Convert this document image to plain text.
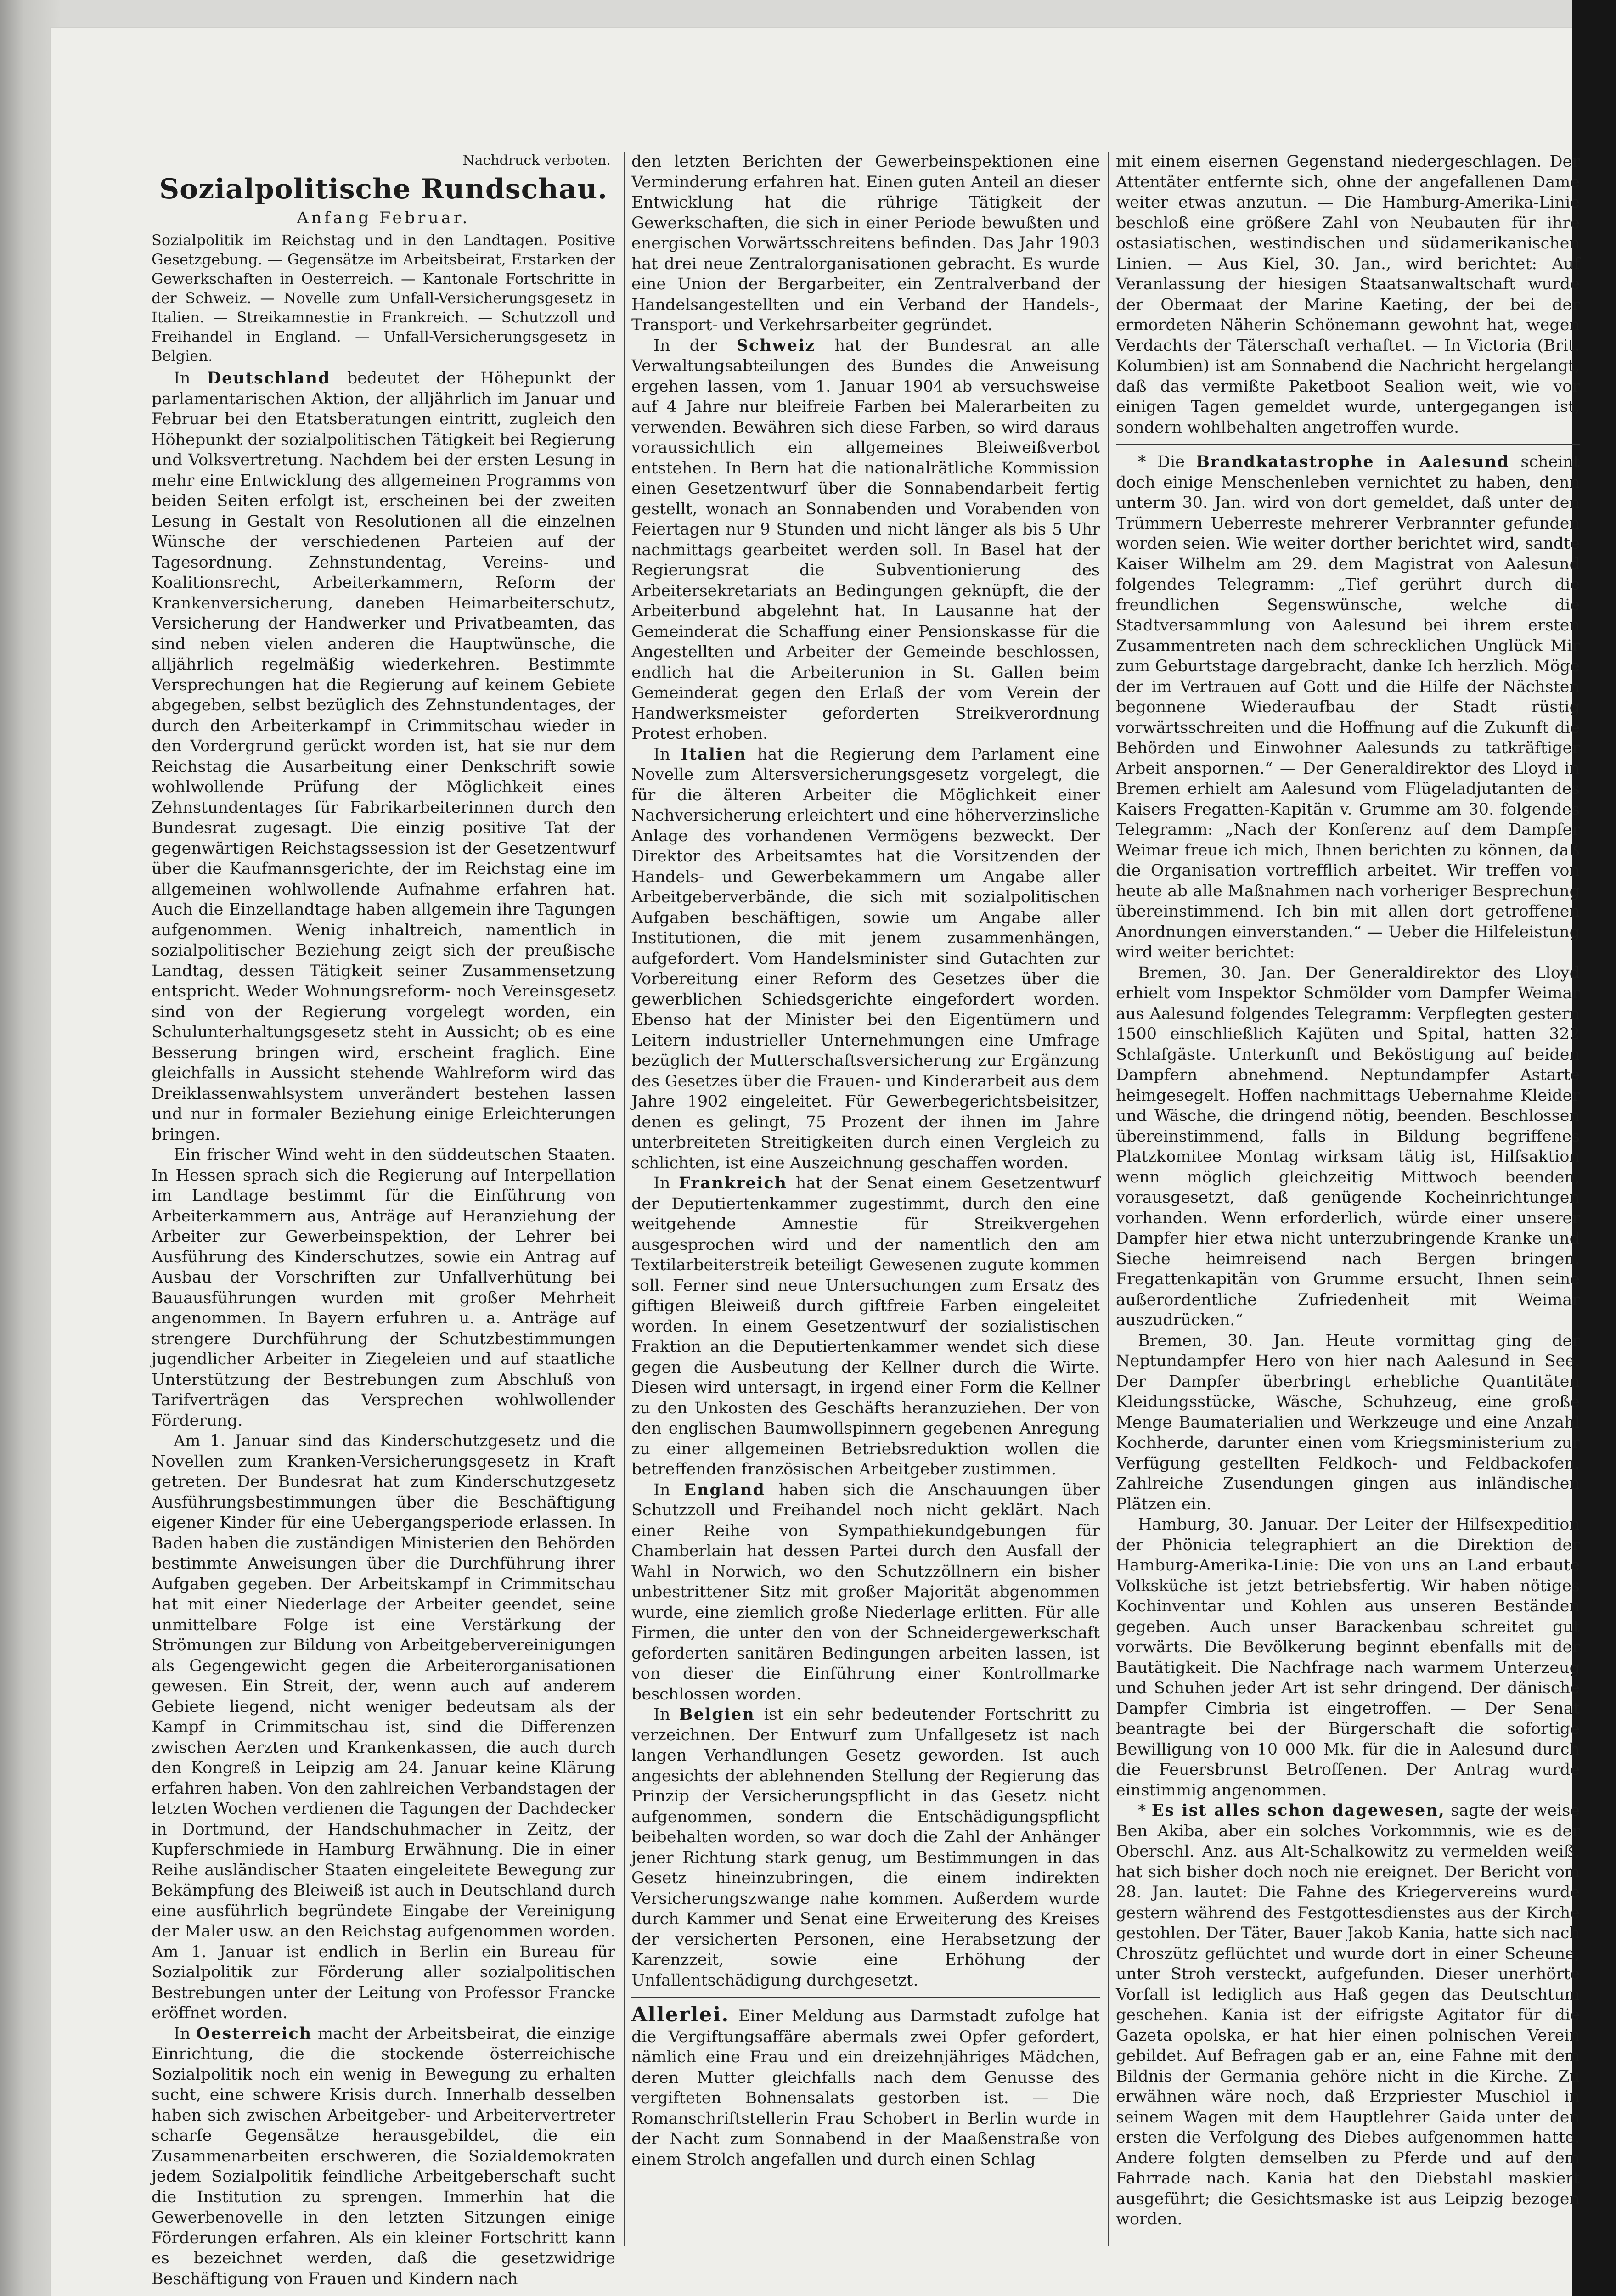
Nachdruck verboten.
Sozialpolitische Rundschau.
Anfang Februar.
Sozialpolitik im Reichstag und in den Landtagen. Positive Gesetzgebung. — Gegensätze im Arbeitsbeirat, Erstarken der Gewerkschaften in Oesterreich. — Kantonale Fortschritte in der Schweiz. — Novelle zum Unfall-Versicherungsgesetz in Italien. — Streikamnestie in Frankreich. — Schutzzoll und Freihandel in England. — Unfall-Versicherungsgesetz in Belgien.

In Deutschland bedeutet der Höhepunkt der parlamentarischen Aktion, der alljährlich im Januar und Februar bei den Etatsberatungen eintritt, zugleich den Höhepunkt der sozialpolitischen Tätigkeit bei Regierung und Volksvertretung. Nachdem bei der ersten Lesung in mehr eine Entwicklung des allgemeinen Programms von beiden Seiten erfolgt ist, erscheinen bei der zweiten Lesung in Gestalt von Resolutionen all die einzelnen Wünsche der verschiedenen Parteien auf der Tagesordnung. Zehnstundentag, Vereins- und Koalitionsrecht, Arbeiterkammern, Reform der Krankenversicherung, daneben Heimarbeiterschutz, Versicherung der Handwerker und Privatbeamten, das sind neben vielen anderen die Hauptwünsche, die alljährlich regelmäßig wiederkehren. Bestimmte Versprechungen hat die Regierung auf keinem Gebiete abgegeben, selbst bezüglich des Zehnstundentages, der durch den Arbeiterkampf in Crimmitschau wieder in den Vordergrund gerückt worden ist, hat sie nur dem Reichstag die Ausarbeitung einer Denkschrift sowie wohlwollende Prüfung der Möglichkeit eines Zehnstundentages für Fabrikarbeiterinnen durch den Bundesrat zugesagt. Die einzig positive Tat der gegenwärtigen Reichstagssession ist der Gesetzentwurf über die Kaufmannsgerichte, der im Reichstag eine im allgemeinen wohlwollende Aufnahme erfahren hat. Auch die Einzellandtage haben allgemein ihre Tagungen aufgenommen. Wenig inhaltreich, namentlich in sozialpolitischer Beziehung zeigt sich der preußische Landtag, dessen Tätigkeit seiner Zusammensetzung entspricht. Weder Wohnungsreform- noch Vereinsgesetz sind von der Regierung vorgelegt worden, ein Schulunterhaltungsgesetz steht in Aussicht; ob es eine Besserung bringen wird, erscheint fraglich. Eine gleichfalls in Aussicht stehende Wahlreform wird das Dreiklassenwahlsystem unverändert bestehen lassen und nur in formaler Beziehung einige Erleichterungen bringen.

Ein frischer Wind weht in den süddeutschen Staaten. In Hessen sprach sich die Regierung auf Interpellation im Landtage bestimmt für die Einführung von Arbeiterkammern aus, Anträge auf Heranziehung der Arbeiter zur Gewerbeinspektion, der Lehrer bei Ausführung des Kinderschutzes, sowie ein Antrag auf Ausbau der Vorschriften zur Unfallverhütung bei Bauausführungen wurden mit großer Mehrheit angenommen. In Bayern erfuhren u. a. Anträge auf strengere Durchführung der Schutzbestimmungen jugendlicher Arbeiter in Ziegeleien und auf staatliche Unterstützung der Bestrebungen zum Abschluß von Tarifverträgen das Versprechen wohlwollender Förderung.

Am 1. Januar sind das Kinderschutzgesetz und die Novellen zum Kranken-Versicherungsgesetz in Kraft getreten. Der Bundesrat hat zum Kinderschutzgesetz Ausführungsbestimmungen über die Beschäftigung eigener Kinder für eine Uebergangsperiode erlassen. In Baden haben die zuständigen Ministerien den Behörden bestimmte Anweisungen über die Durchführung ihrer Aufgaben gegeben. Der Arbeitskampf in Crimmitschau hat mit einer Niederlage der Arbeiter geendet, seine unmittelbare Folge ist eine Verstärkung der Strömungen zur Bildung von Arbeitgebervereinigungen als Gegengewicht gegen die Arbeiterorganisationen gewesen. Ein Streit, der, wenn auch auf anderem Gebiete liegend, nicht weniger bedeutsam als der Kampf in Crimmitschau ist, sind die Differenzen zwischen Aerzten und Krankenkassen, die auch durch den Kongreß in Leipzig am 24. Januar keine Klärung erfahren haben. Von den zahlreichen Verbandstagen der letzten Wochen verdienen die Tagungen der Dachdecker in Dortmund, der Handschuhmacher in Zeitz, der Kupferschmiede in Hamburg Erwähnung. Die in einer Reihe ausländischer Staaten eingeleitete Bewegung zur Bekämpfung des Bleiweiß ist auch in Deutschland durch eine ausführlich begründete Eingabe der Vereinigung der Maler usw. an den Reichstag aufgenommen worden. Am 1. Januar ist endlich in Berlin ein Bureau für Sozialpolitik zur Förderung aller sozialpolitischen Bestrebungen unter der Leitung von Professor Francke eröffnet worden.

In Oesterreich macht der Arbeitsbeirat, die einzige Einrichtung, die die stockende österreichische Sozialpolitik noch ein wenig in Bewegung zu erhalten sucht, eine schwere Krisis durch. Innerhalb desselben haben sich zwischen Arbeitgeber- und Arbeitervertreter scharfe Gegensätze herausgebildet, die ein Zusammenarbeiten erschweren, die Sozialdemokraten jedem Sozialpolitik feindliche Arbeitgeberschaft sucht die Institution zu sprengen. Immerhin hat die Gewerbenovelle in den letzten Sitzungen einige Förderungen erfahren. Als ein kleiner Fortschritt kann es bezeichnet werden, daß die gesetzwidrige Beschäftigung von Frauen und Kindern nach

den letzten Berichten der Gewerbeinspektionen eine Verminderung erfahren hat. Einen guten Anteil an dieser Entwicklung hat die rührige Tätigkeit der Gewerkschaften, die sich in einer Periode bewußten und energischen Vorwärtsschreitens befinden. Das Jahr 1903 hat drei neue Zentralorganisationen gebracht. Es wurde eine Union der Bergarbeiter, ein Zentralverband der Handelsangestellten und ein Verband der Handels-, Transport- und Verkehrsarbeiter gegründet.

In der Schweiz hat der Bundesrat an alle Verwaltungsabteilungen des Bundes die Anweisung ergehen lassen, vom 1. Januar 1904 ab versuchsweise auf 4 Jahre nur bleifreie Farben bei Malerarbeiten zu verwenden. Bewähren sich diese Farben, so wird daraus voraussichtlich ein allgemeines Bleiweißverbot entstehen. In Bern hat die nationalrätliche Kommission einen Gesetzentwurf über die Sonnabendarbeit fertig gestellt, wonach an Sonnabenden und Vorabenden von Feiertagen nur 9 Stunden und nicht länger als bis 5 Uhr nachmittags gearbeitet werden soll. In Basel hat der Regierungsrat die Subventionierung des Arbeitersekretariats an Bedingungen geknüpft, die der Arbeiterbund abgelehnt hat. In Lausanne hat der Gemeinderat die Schaffung einer Pensionskasse für die Angestellten und Arbeiter der Gemeinde beschlossen, endlich hat die Arbeiterunion in St. Gallen beim Gemeinderat gegen den Erlaß der vom Verein der Handwerksmeister geforderten Streikverordnung Protest erhoben.

In Italien hat die Regierung dem Parlament eine Novelle zum Altersversicherungsgesetz vorgelegt, die für die älteren Arbeiter die Möglichkeit einer Nachversicherung erleichtert und eine höherverzinsliche Anlage des vorhandenen Vermögens bezweckt. Der Direktor des Arbeitsamtes hat die Vorsitzenden der Handels- und Gewerbekammern um Angabe aller Arbeitgeberverbände, die sich mit sozialpolitischen Aufgaben beschäftigen, sowie um Angabe aller Institutionen, die mit jenem zusammenhängen, aufgefordert. Vom Handelsminister sind Gutachten zur Vorbereitung einer Reform des Gesetzes über die gewerblichen Schiedsgerichte eingefordert worden. Ebenso hat der Minister bei den Eigentümern und Leitern industrieller Unternehmungen eine Umfrage bezüglich der Mutterschaftsversicherung zur Ergänzung des Gesetzes über die Frauen- und Kinderarbeit aus dem Jahre 1902 eingeleitet. Für Gewerbegerichtsbeisitzer, denen es gelingt, 75 Prozent der ihnen im Jahre unterbreiteten Streitigkeiten durch einen Vergleich zu schlichten, ist eine Auszeichnung geschaffen worden.

In Frankreich hat der Senat einem Gesetzentwurf der Deputiertenkammer zugestimmt, durch den eine weitgehende Amnestie für Streikvergehen ausgesprochen wird und der namentlich den am Textilarbeiterstreik beteiligt Gewesenen zugute kommen soll. Ferner sind neue Untersuchungen zum Ersatz des giftigen Bleiweiß durch giftfreie Farben eingeleitet worden. In einem Gesetzentwurf der sozialistischen Fraktion an die Deputiertenkammer wendet sich diese gegen die Ausbeutung der Kellner durch die Wirte. Diesen wird untersagt, in irgend einer Form die Kellner zu den Unkosten des Geschäfts heranzuziehen. Der von den englischen Baumwollspinnern gegebenen Anregung zu einer allgemeinen Betriebsreduktion wollen die betreffenden französischen Arbeitgeber zustimmen.

In England haben sich die Anschauungen über Schutzzoll und Freihandel noch nicht geklärt. Nach einer Reihe von Sympathiekundgebungen für Chamberlain hat dessen Partei durch den Ausfall der Wahl in Norwich, wo den Schutzzöllnern ein bisher unbestrittener Sitz mit großer Majorität abgenommen wurde, eine ziemlich große Niederlage erlitten. Für alle Firmen, die unter den von der Schneidergewerkschaft geforderten sanitären Bedingungen arbeiten lassen, ist von dieser die Einführung einer Kontrollmarke beschlossen worden.

In Belgien ist ein sehr bedeutender Fortschritt zu verzeichnen. Der Entwurf zum Unfallgesetz ist nach langen Verhandlungen Gesetz geworden. Ist auch angesichts der ablehnenden Stellung der Regierung das Prinzip der Versicherungspflicht in das Gesetz nicht aufgenommen, sondern die Entschädigungspflicht beibehalten worden, so war doch die Zahl der Anhänger jener Richtung stark genug, um Bestimmungen in das Gesetz hineinzubringen, die einem indirekten Versicherungszwange nahe kommen. Außerdem wurde durch Kammer und Senat eine Erweiterung des Kreises der versicherten Personen, eine Herabsetzung der Karenzzeit, sowie eine Erhöhung der Unfallentschädigung durchgesetzt.

Allerlei. Einer Meldung aus Darmstadt zufolge hat die Vergiftungsaffäre abermals zwei Opfer gefordert, nämlich eine Frau und ein dreizehnjähriges Mädchen, deren Mutter gleichfalls nach dem Genusse des vergifteten Bohnensalats gestorben ist. — Die Romanschriftstellerin Frau Schobert in Berlin wurde in der Nacht zum Sonnabend in der Maaßenstraße von einem Strolch angefallen und durch einen Schlag

mit einem eisernen Gegenstand niedergeschlagen. Der Attentäter entfernte sich, ohne der angefallenen Dame weiter etwas anzutun. — Die Hamburg-Amerika-Linie beschloß eine größere Zahl von Neubauten für ihre ostasiatischen, westindischen und südamerikanischen Linien. — Aus Kiel, 30. Jan., wird berichtet: Auf Veranlassung der hiesigen Staatsanwaltschaft wurde der Obermaat der Marine Kaeting, der bei der ermordeten Näherin Schönemann gewohnt hat, wegen Verdachts der Täterschaft verhaftet. — In Victoria (Brit. Kolumbien) ist am Sonnabend die Nachricht hergelangt, daß das vermißte Paketboot Sealion weit, wie vor einigen Tagen gemeldet wurde, untergegangen ist, sondern wohlbehalten angetroffen wurde.

* Die Brandkatastrophe in Aalesund scheint doch einige Menschenleben vernichtet zu haben, denn unterm 30. Jan. wird von dort gemeldet, daß unter den Trümmern Ueberreste mehrerer Verbrannter gefunden worden seien. Wie weiter dorther berichtet wird, sandte Kaiser Wilhelm am 29. dem Magistrat von Aalesund folgendes Telegramm: „Tief gerührt durch die freundlichen Segenswünsche, welche die Stadtversammlung von Aalesund bei ihrem ersten Zusammentreten nach dem schrecklichen Unglück Mir zum Geburtstage dargebracht, danke Ich herzlich. Möge der im Vertrauen auf Gott und die Hilfe der Nächsten begonnene Wiederaufbau der Stadt rüstig vorwärtsschreiten und die Hoffnung auf die Zukunft die Behörden und Einwohner Aalesunds zu tatkräftiger Arbeit anspornen.“ — Der Generaldirektor des Lloyd in Bremen erhielt am Aalesund vom Flügeladjutanten des Kaisers Fregatten-Kapitän v. Grumme am 30. folgendes Telegramm: „Nach der Konferenz auf dem Dampfer Weimar freue ich mich, Ihnen berichten zu können, daß die Organisation vortrefflich arbeitet. Wir treffen von heute ab alle Maßnahmen nach vorheriger Besprechung übereinstimmend. Ich bin mit allen dort getroffenen Anordnungen einverstanden.“ — Ueber die Hilfeleistung wird weiter berichtet:

Bremen, 30. Jan. Der Generaldirektor des Lloyd erhielt vom Inspektor Schmölder vom Dampfer Weimar aus Aalesund folgendes Telegramm: Verpflegten gestern 1500 einschließlich Kajüten und Spital, hatten 322 Schlafgäste. Unterkunft und Beköstigung auf beiden Dampfern abnehmend. Neptundampfer Astarte heimgesegelt. Hoffen nachmittags Uebernahme Kleider und Wäsche, die dringend nötig, beenden. Beschlossen übereinstimmend, falls in Bildung begriffenes Platzkomitee Montag wirksam tätig ist, Hilfsaktion wenn möglich gleichzeitig Mittwoch beenden, vorausgesetzt, daß genügende Kocheinrichtungen vorhanden. Wenn erforderlich, würde einer unserer Dampfer hier etwa nicht unterzubringende Kranke und Sieche heimreisend nach Bergen bringen. Fregattenkapitän von Grumme ersucht, Ihnen seine außerordentliche Zufriedenheit mit Weimar auszudrücken.“

Bremen, 30. Jan. Heute vormittag ging der Neptundampfer Hero von hier nach Aalesund in See. Der Dampfer überbringt erhebliche Quantitäten Kleidungsstücke, Wäsche, Schuhzeug, eine große Menge Baumaterialien und Werkzeuge und eine Anzahl Kochherde, darunter einen vom Kriegsministerium zur Verfügung gestellten Feldkoch- und Feldbackofen. Zahlreiche Zusendungen gingen aus inländischen Plätzen ein.

Hamburg, 30. Januar. Der Leiter der Hilfsexpedition der Phönicia telegraphiert an die Direktion der Hamburg-Amerika-Linie: Die von uns an Land erbaute Volksküche ist jetzt betriebsfertig. Wir haben nötiges Kochinventar und Kohlen aus unseren Beständen gegeben. Auch unser Barackenbau schreitet gut vorwärts. Die Bevölkerung beginnt ebenfalls mit der Bautätigkeit. Die Nachfrage nach warmem Unterzeug und Schuhen jeder Art ist sehr dringend. Der dänische Dampfer Cimbria ist eingetroffen. — Der Senat beantragte bei der Bürgerschaft die sofortige Bewilligung von 10 000 Mk. für die in Aalesund durch die Feuersbrunst Betroffenen. Der Antrag wurde einstimmig angenommen.

* Es ist alles schon dagewesen, sagte der weise Ben Akiba, aber ein solches Vorkommnis, wie es der Oberschl. Anz. aus Alt-Schalkowitz zu vermelden weiß, hat sich bisher doch noch nie ereignet. Der Bericht vom 28. Jan. lautet: Die Fahne des Kriegervereins wurde gestern während des Festgottesdienstes aus der Kirche gestohlen. Der Täter, Bauer Jakob Kania, hatte sich nach Chroszütz geflüchtet und wurde dort in einer Scheune, unter Stroh versteckt, aufgefunden. Dieser unerhörte Vorfall ist lediglich aus Haß gegen das Deutschtum geschehen. Kania ist der eifrigste Agitator für die Gazeta opolska, er hat hier einen polnischen Verein gebildet. Auf Befragen gab er an, eine Fahne mit dem Bildnis der Germania gehöre nicht in die Kirche. Zu erwähnen wäre noch, daß Erzpriester Muschiol in seinem Wagen mit dem Hauptlehrer Gaida unter den ersten die Verfolgung des Diebes aufgenommen hatte. Andere folgten demselben zu Pferde und auf dem Fahrrade nach. Kania hat den Diebstahl maskiert ausgeführt; die Gesichtsmaske ist aus Leipzig bezogen worden.
